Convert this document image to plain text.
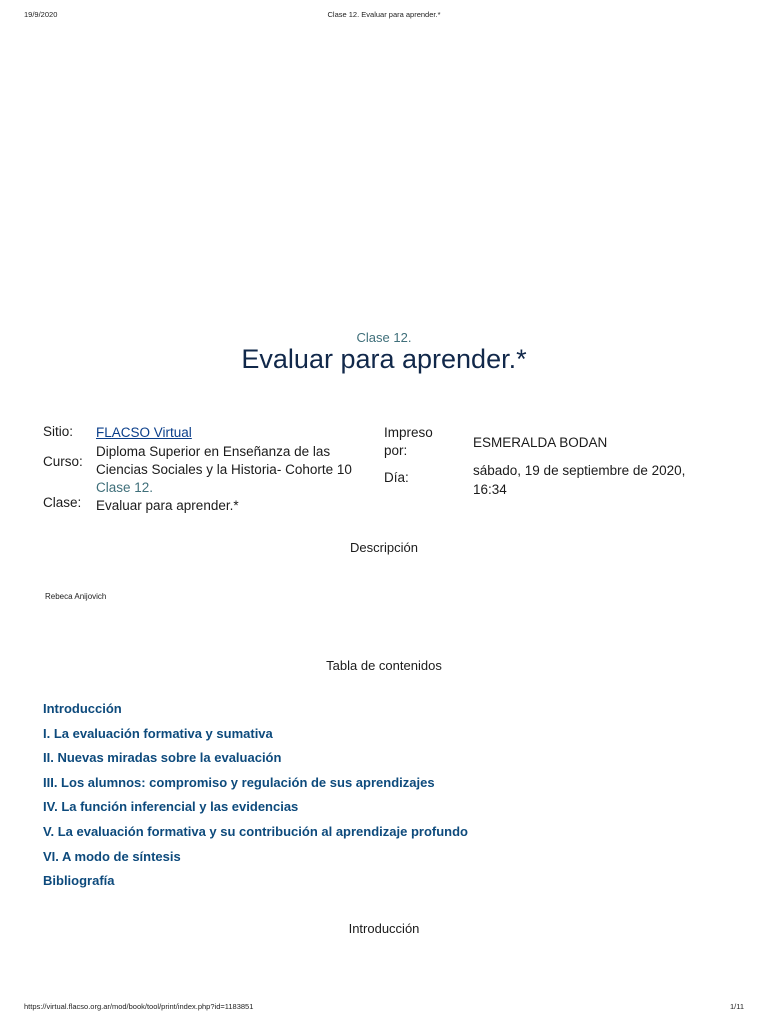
19/9/2020	Clase 12. Evaluar para aprender.*
Clase 12.
Evaluar para aprender.*
Sitio: FLACSO Virtual
Curso:
Diploma Superior en Enseñanza de las Ciencias Sociales y la Historia- Cohorte 10
Clase:
Clase 12.
Evaluar para aprender.*
Impreso por:
ESMERALDA BODAN
Día:	sábado, 19 de septiembre de 2020, 16:34
Descripción
Rebeca Anijovich
Tabla de contenidos
Introducción
I. La evaluación formativa y sumativa
II. Nuevas miradas sobre la evaluación
III. Los alumnos: compromiso y regulación de sus aprendizajes
IV. La función inferencial y las evidencias
V. La evaluación formativa y su contribución al aprendizaje profundo
VI. A modo de síntesis
Bibliografía
Introducción
https://virtual.flacso.org.ar/mod/book/tool/print/index.php?id=1183851	1/11
